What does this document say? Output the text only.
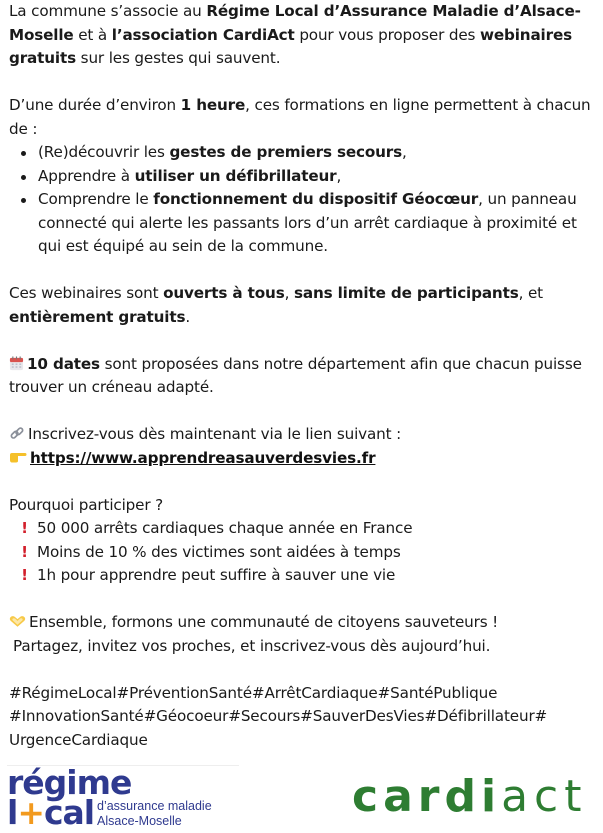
La commune s’associe au Régime Local d’Assurance Maladie d’Alsace-Moselle et à l’association CardiAct pour vous proposer des webinaires gratuits sur les gestes qui sauvent.

D’une durée d’environ 1 heure, ces formations en ligne permettent à chacun de :

(Re)découvrir les gestes de premiers secours,
Apprendre à utiliser un défibrillateur,
Comprendre le fonctionnement du dispositif Géocœur, un panneau connecté qui alerte les passants lors d’un arrêt cardiaque à proximité et qui est équipé au sein de la commune.

Ces webinaires sont ouverts à tous, sans limite de participants, et entièrement gratuits.

10 dates sont proposées dans notre département afin que chacun puisse trouver un créneau adapté.

Inscrivez-vous dès maintenant via le lien suivant :

https://www.apprendreasauverdesvies.fr

Pourquoi participer ?

! 50 000 arrêts cardiaques chaque année en France

! Moins de 10 % des victimes sont aidées à temps

! 1h pour apprendre peut suffire à sauver une vie

Ensemble, formons une communauté de citoyens sauveteurs !

Partagez, invitez vos proches, et inscrivez-vous dès aujourd’hui.

#RégimeLocal#PréventionSanté#ArrêtCardiaque#SantéPublique

#InnovationSanté#Géocoeur#Secours#SauverDesVies#Défibrillateur#

UrgenceCardiaque

régime
l+cal d’assurance maladie
Alsace-Moselle	cardiact
